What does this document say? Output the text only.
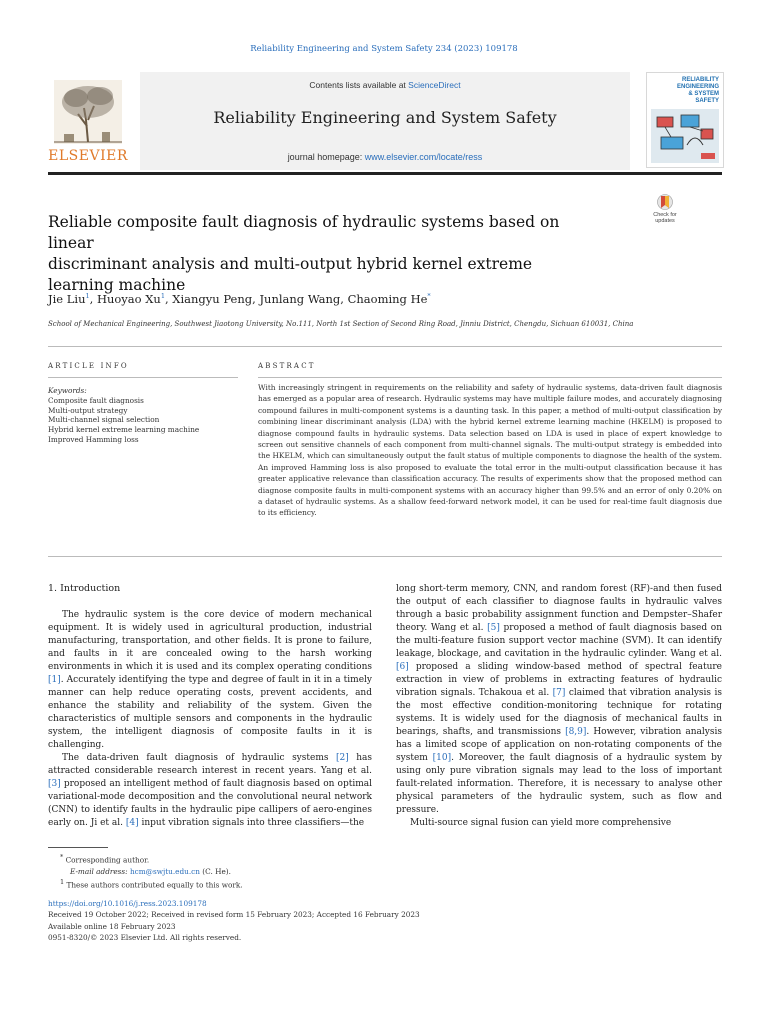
Reliability Engineering and System Safety 234 (2023) 109178
ELSEVIER
Contents lists available at ScienceDirect
Reliability Engineering and System Safety
journal homepage: www.elsevier.com/locate/ress
RELIABILITY
ENGINEERING
& SYSTEM
SAFETY
Reliable composite fault diagnosis of hydraulic systems based on linear
discriminant analysis and multi-output hybrid kernel extreme
learning machine
Check for updates
Jie Liu$^1$, Huoyao Xu$^1$, Xiangyu Peng, Junlang Wang, Chaoming He*
School of Mechanical Engineering, Southwest Jiaotong University, No.111, North 1st Section of Second Ring Road, Jinniu District, Chengdu, Sichuan 610031, China
ARTICLE INFO	ABSTRACT
Keywords:
Composite fault diagnosis
Multi-output strategy
Multi-channel signal selection
Hybrid kernel extreme learning machine
Improved Hamming loss
With increasingly stringent in requirements on the reliability and safety of hydraulic systems, data-driven fault diagnosis has emerged as a popular area of research. Hydraulic systems may have multiple failure modes, and accurately diagnosing compound failures in multi-component systems is a daunting task. In this paper, a method of multi-output classification by combining linear discriminant analysis (LDA) with the hybrid kernel extreme learning machine (HKELM) is proposed to diagnose compound faults in hydraulic systems. Data selection based on LDA is used in place of expert knowledge to screen out sensitive channels of each component from multi-channel signals. The multi-output strategy is embedded into the HKELM, which can simultaneously output the fault status of multiple components to diagnose the health of the system. An improved Hamming loss is also proposed to evaluate the total error in the multi-output classification because it has greater applicative relevance than classification accuracy. The results of experiments show that the proposed method can diagnose composite faults in multi-component systems with an accuracy higher than 99.5% and an error of only 0.20% on a dataset of hydraulic systems. As a shallow feed-forward network model, it can be used for real-time fault diagnosis due to its efficiency.
1. Introduction

The hydraulic system is the core device of modern mechanical equipment. It is widely used in agricultural production, industrial manufacturing, transportation, and other fields. It is prone to failure, and faults in it are concealed owing to the harsh working environments in which it is used and its complex operating conditions [1]. Accurately identifying the type and degree of fault in it in a timely manner can help reduce operating costs, prevent accidents, and enhance the stability and reliability of the system. Given the characteristics of multiple sensors and components in the hydraulic system, the intelligent diagnosis of composite faults in it is challenging.

The data-driven fault diagnosis of hydraulic systems [2] has attracted considerable research interest in recent years. Yang et al. [3] proposed an intelligent method of fault diagnosis based on optimal variational-mode decomposition and the convolutional neural network (CNN) to identify faults in the hydraulic pipe callipers of aero-engines early on. Ji et al. [4] input vibration signals into three classifiers—the

long short-term memory, CNN, and random forest (RF)-and then fused the output of each classifier to diagnose faults in hydraulic valves through a basic probability assignment function and Dempster–Shafer theory. Wang et al. [5] proposed a method of fault diagnosis based on the multi-feature fusion support vector machine (SVM). It can identify leakage, blockage, and cavitation in the hydraulic cylinder. Wang et al. [6] proposed a sliding window-based method of spectral feature extraction in view of problems in extracting features of hydraulic vibration signals. Tchakoua et al. [7] claimed that vibration analysis is the most effective condition-monitoring technique for rotating systems. It is widely used for the diagnosis of mechanical faults in bearings, shafts, and transmissions [8,9]. However, vibration analysis has a limited scope of application on non-rotating components of the system [10]. Moreover, the fault diagnosis of a hydraulic system by using only pure vibration signals may lead to the loss of important fault-related information. Therefore, it is necessary to analyse other physical parameters of the hydraulic system, such as flow and pressure.

Multi-source signal fusion can yield more comprehensive

* Corresponding author.
E-mail address: hcm@swjtu.edu.cn (C. He).
$^1$ These authors contributed equally to this work.
https://doi.org/10.1016/j.ress.2023.109178
Received 19 October 2022; Received in revised form 15 February 2023; Accepted 16 February 2023
Available online 18 February 2023
0951-8320/© 2023 Elsevier Ltd. All rights reserved.
